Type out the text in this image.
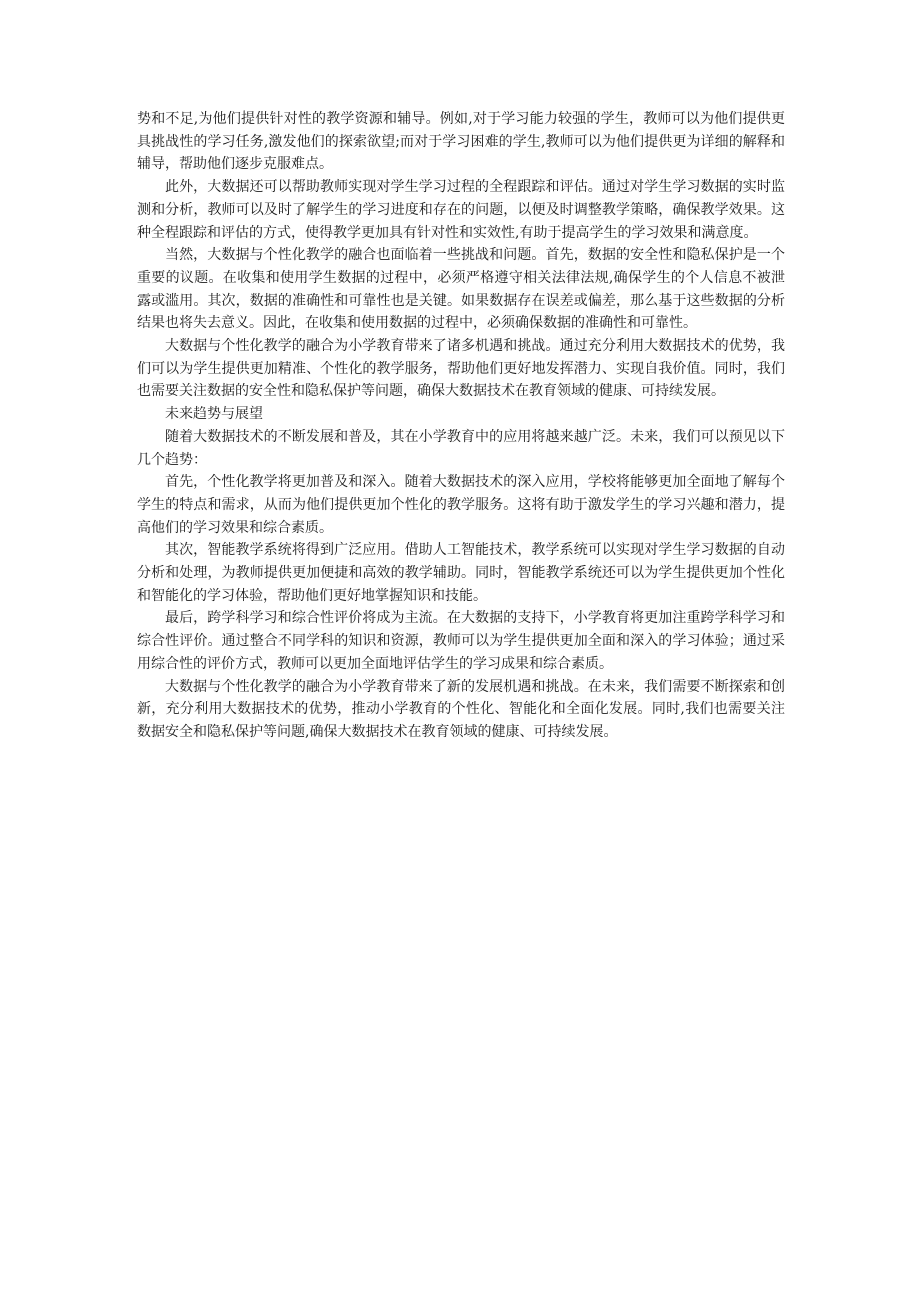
势和不足,为他们提供针对性的教学资源和辅导。例如,对于学习能力较强的学生，教师可以为他们提供更具挑战性的学习任务,激发他们的探索欲望;而对于学习困难的学生,教师可以为他们提供更为详细的解释和辅导，帮助他们逐步克服难点。

此外，大数据还可以帮助教师实现对学生学习过程的全程跟踪和评估。通过对学生学习数据的实时监测和分析，教师可以及时了解学生的学习进度和存在的问题，以便及时调整教学策略，确保教学效果。这种全程跟踪和评估的方式，使得教学更加具有针对性和实效性,有助于提高学生的学习效果和满意度。

当然，大数据与个性化教学的融合也面临着一些挑战和问题。首先，数据的安全性和隐私保护是一个重要的议题。在收集和使用学生数据的过程中，必须严格遵守相关法律法规,确保学生的个人信息不被泄露或滥用。其次，数据的准确性和可靠性也是关键。如果数据存在误差或偏差，那么基于这些数据的分析结果也将失去意义。因此，在收集和使用数据的过程中，必须确保数据的准确性和可靠性。

大数据与个性化教学的融合为小学教育带来了诸多机遇和挑战。通过充分利用大数据技术的优势，我们可以为学生提供更加精准、个性化的教学服务，帮助他们更好地发挥潜力、实现自我价值。同时，我们也需要关注数据的安全性和隐私保护等问题，确保大数据技术在教育领域的健康、可持续发展。

未来趋势与展望

随着大数据技术的不断发展和普及，其在小学教育中的应用将越来越广泛。未来，我们可以预见以下几个趋势：

首先，个性化教学将更加普及和深入。随着大数据技术的深入应用，学校将能够更加全面地了解每个学生的特点和需求，从而为他们提供更加个性化的教学服务。这将有助于激发学生的学习兴趣和潜力，提高他们的学习效果和综合素质。

其次，智能教学系统将得到广泛应用。借助人工智能技术，教学系统可以实现对学生学习数据的自动分析和处理，为教师提供更加便捷和高效的教学辅助。同时，智能教学系统还可以为学生提供更加个性化和智能化的学习体验，帮助他们更好地掌握知识和技能。

最后，跨学科学习和综合性评价将成为主流。在大数据的支持下，小学教育将更加注重跨学科学习和综合性评价。通过整合不同学科的知识和资源，教师可以为学生提供更加全面和深入的学习体验；通过采用综合性的评价方式，教师可以更加全面地评估学生的学习成果和综合素质。

大数据与个性化教学的融合为小学教育带来了新的发展机遇和挑战。在未来，我们需要不断探索和创新，充分利用大数据技术的优势，推动小学教育的个性化、智能化和全面化发展。同时,我们也需要关注数据安全和隐私保护等问题,确保大数据技术在教育领域的健康、可持续发展。
